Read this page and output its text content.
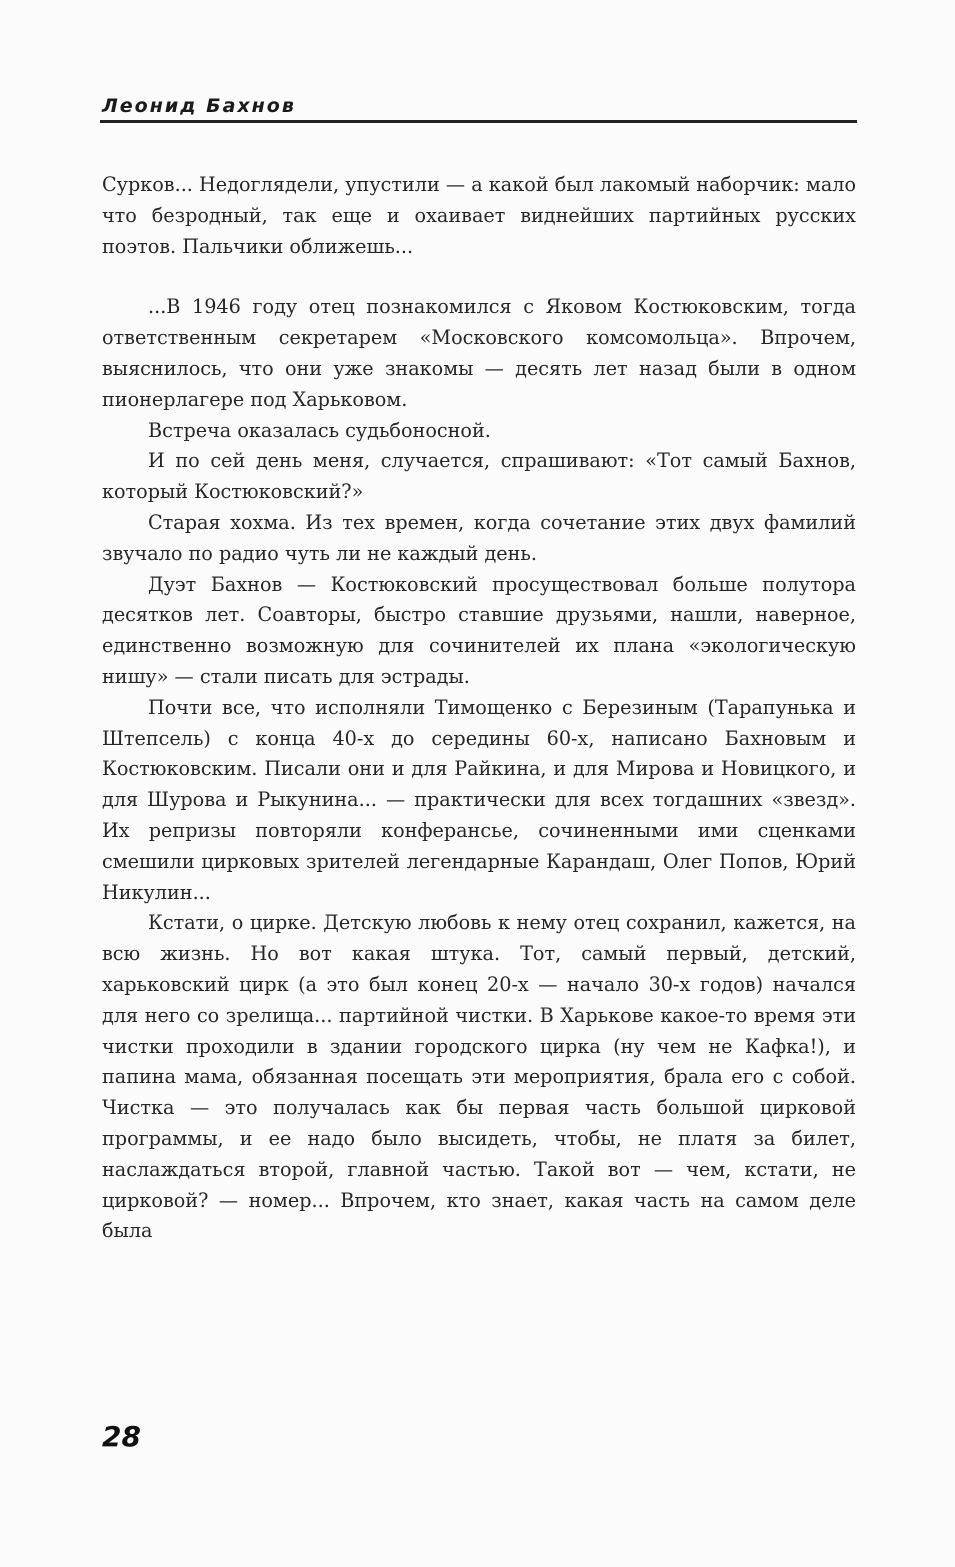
Леонид Бахнов

Сурков... Недоглядели, упустили — а какой был лакомый наборчик: мало что безродный, так еще и охаивает виднейших партийных русских поэтов. Пальчики оближешь...

...В 1946 году отец познакомился с Яковом Костюковским, тогда ответственным секретарем «Московского комсомольца». Впрочем, выяснилось, что они уже знакомы — десять лет назад были в одном пионерлагере под Харьковом.

Встреча оказалась судьбоносной.

И по сей день меня, случается, спрашивают: «Тот самый Бахнов, который Костюковский?»

Старая хохма. Из тех времен, когда сочетание этих двух фамилий звучало по радио чуть ли не каждый день.

Дуэт Бахнов — Костюковский просуществовал больше полутора десятков лет. Соавторы, быстро ставшие друзьями, нашли, наверное, единственно возможную для сочинителей их плана «экологическую нишу» — стали писать для эстрады.

Почти все, что исполняли Тимощенко с Березиным (Тарапунька и Штепсель) с конца 40-х до середины 60-х, написано Бахновым и Костюковским. Писали они и для Райкина, и для Мирова и Новицкого, и для Шурова и Рыкунина... — практически для всех тогдашних «звезд». Их репризы повторяли конферансье, сочиненными ими сценками смешили цирковых зрителей легендарные Карандаш, Олег Попов, Юрий Никулин...

Кстати, о цирке. Детскую любовь к нему отец сохранил, кажется, на всю жизнь. Но вот какая штука. Тот, самый первый, детский, харьковский цирк (а это был конец 20-х — начало 30-х годов) начался для него со зрелища... партийной чистки. В Харькове какое-то время эти чистки проходили в здании городского цирка (ну чем не Кафка!), и папина мама, обязанная посещать эти мероприятия, брала его с собой. Чистка — это получалась как бы первая часть большой цирковой программы, и ее надо было высидеть, чтобы, не платя за билет, наслаждаться второй, главной частью. Такой вот — чем, кстати, не цирковой? — номер... Впрочем, кто знает, какая часть на самом деле была

28
